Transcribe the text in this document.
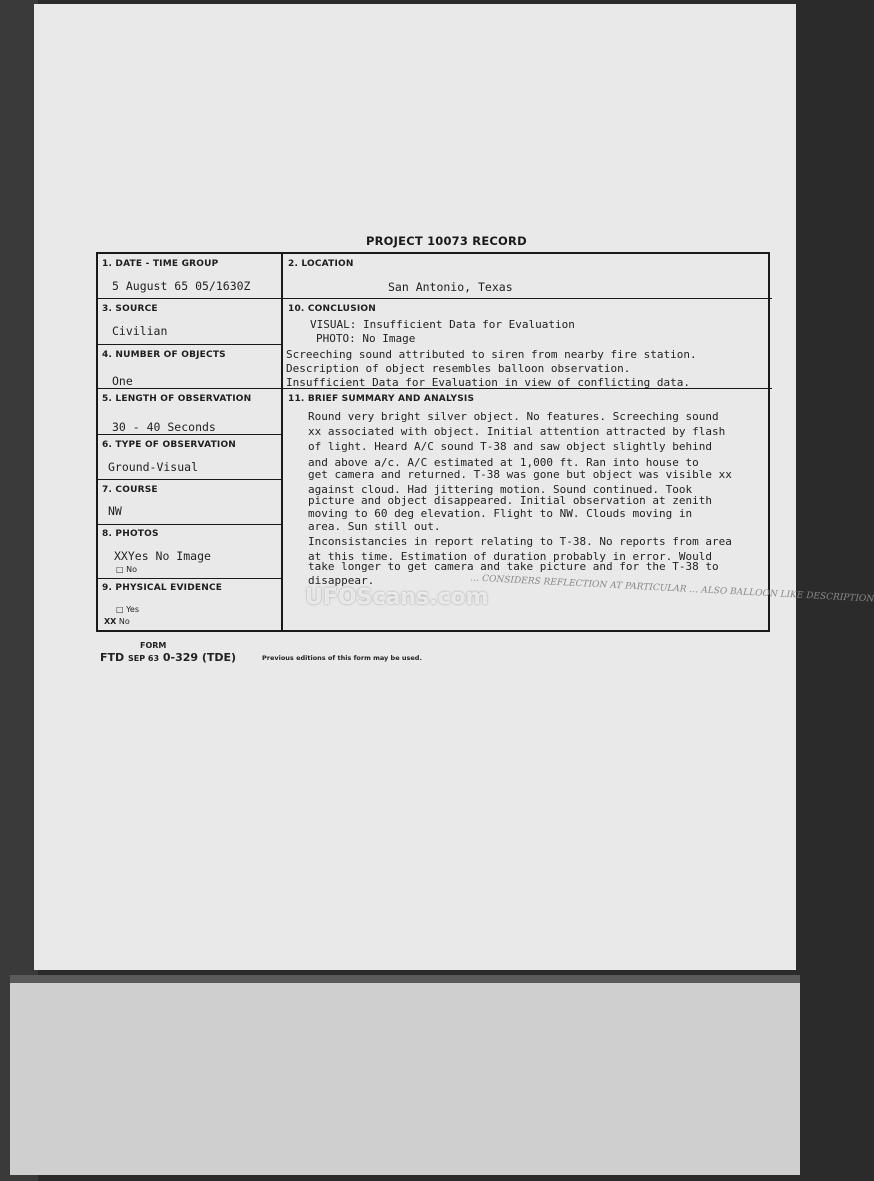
PROJECT 10073 RECORD
1. DATE - TIME GROUP
5 August 65 05/1630Z
3. SOURCE
Civilian
4. NUMBER OF OBJECTS
One
5. LENGTH OF OBSERVATION
30 - 40 Seconds
6. TYPE OF OBSERVATION
Ground-Visual
7. COURSE
NW
8. PHOTOS
XXYes No Image
□ No
9. PHYSICAL EVIDENCE
□ Yes
XX No
2. LOCATION
San Antonio, Texas
10. CONCLUSION
VISUAL: Insufficient Data for Evaluation
PHOTO: No Image
Screeching sound attributed to siren from nearby fire station.
Description of object resembles balloon observation.
Insufficient Data for Evaluation in view of conflicting data.
11. BRIEF SUMMARY AND ANALYSIS
Round very bright silver object. No features. Screeching sound
xx associated with object. Initial attention attracted by flash
of light. Heard A/C sound T-38 and saw object slightly behind
and above a/c. A/C estimated at 1,000 ft. Ran into house to
get camera and returned. T-38 was gone but object was visible xx
against cloud. Had jittering motion. Sound continued. Took
picture and object disappeared. Initial observation at zenith
moving to 60 deg elevation. Flight to NW. Clouds moving in
area. Sun still out.
Inconsistancies in report relating to T-38. No reports from area
at this time. Estimation of duration probably in error. Would
take longer to get camera and take picture and for the T-38 to
disappear.
UFOScans.com
… CONSIDERS REFLECTION AT PARTICULAR … ALSO BALLOON LIKE DESCRIPTION
FORM
FTD SEP 63 0-329 (TDE)	Previous editions of this form may be used.
